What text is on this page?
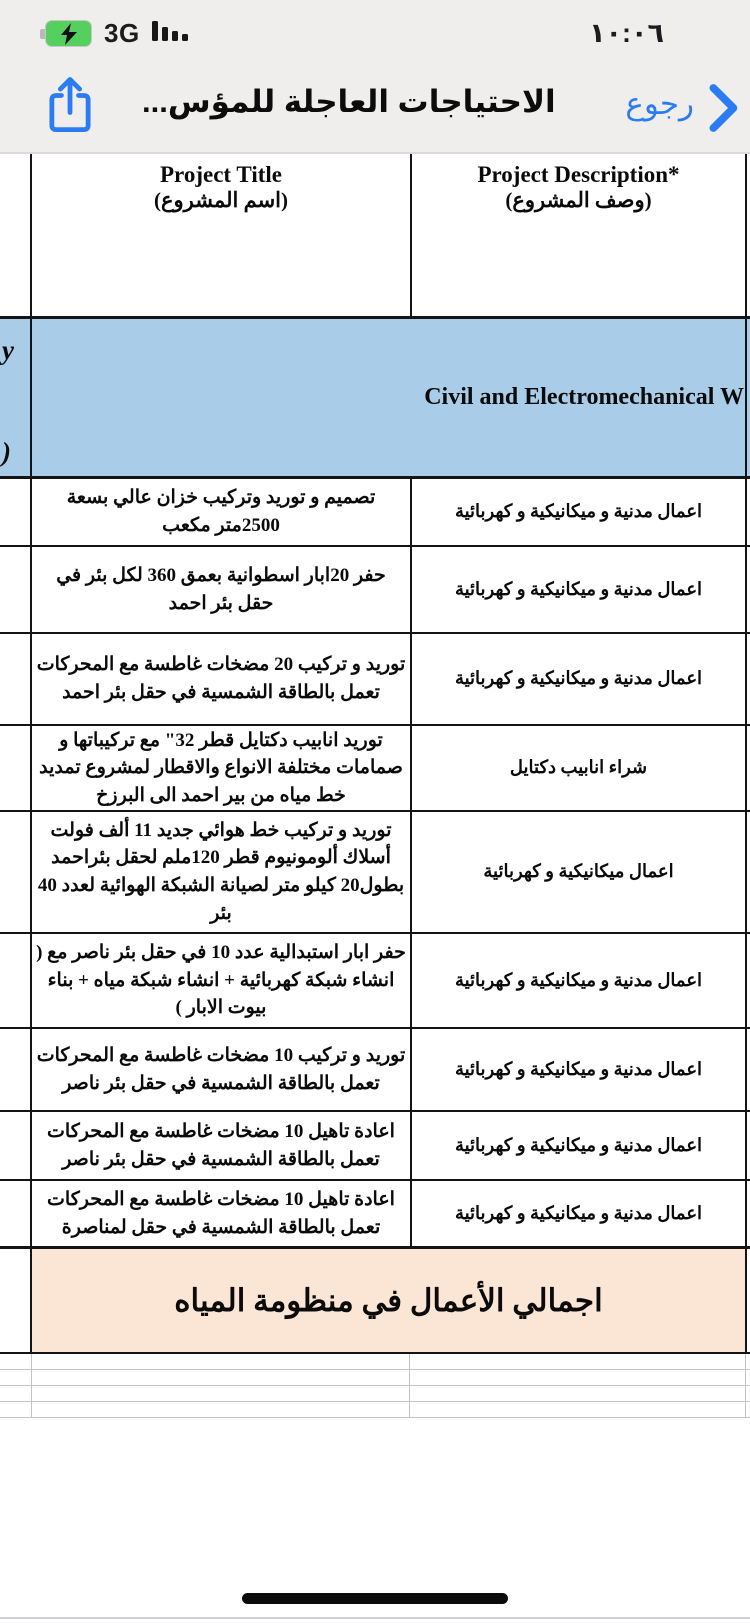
3G	١٠:٠٦
الاحتياجات العاجلة للمؤس...	رجوع
Project Title
(اسم المشروع)
Project Description*
(وصف المشروع)
y
)
Civil and Electromechanical W
تصميم و توريد وتركيب خزان عالي بسعة 2500متر مكعب
اعمال مدنية و ميكانيكية و كهربائية
حفر 20ابار اسطوانية بعمق 360 لكل بئر في حقل بئر احمد
اعمال مدنية و ميكانيكية و كهربائية
توريد و تركيب 20 مضخات غاطسة مع المحركات تعمل بالطاقة الشمسية في حقل بئر احمد
اعمال مدنية و ميكانيكية و كهربائية
توريد انابيب دكتايل قطر 32" مع تركيباتها و صمامات مختلفة الانواع والاقطار لمشروع تمديد خط مياه من بير احمد الى البرزخ
شراء انابيب دكتايل
توريد و تركيب خط هوائي جديد 11 ألف فولت أسلاك ألومونيوم قطر 120ملم لحقل بئراحمد بطول20 كيلو متر لصيانة الشبكة الهوائية لعدد 40 بئر
اعمال ميكانيكية و كهربائية
حفر ابار استبدالية عدد 10 في حقل بئر ناصر مع ( انشاء شبكة كهربائية + انشاء شبكة مياه + بناء بيوت الابار )
اعمال مدنية و ميكانيكية و كهربائية
توريد و تركيب 10 مضخات غاطسة مع المحركات تعمل بالطاقة الشمسية في حقل بئر ناصر
اعمال مدنية و ميكانيكية و كهربائية
اعادة تاهيل 10 مضخات غاطسة مع المحركات تعمل بالطاقة الشمسية في حقل بئر ناصر
اعمال مدنية و ميكانيكية و كهربائية
اعادة تاهيل 10 مضخات غاطسة مع المحركات تعمل بالطاقة الشمسية في حقل لمناصرة
اعمال مدنية و ميكانيكية و كهربائية
اجمالي الأعمال في منظومة المياه
